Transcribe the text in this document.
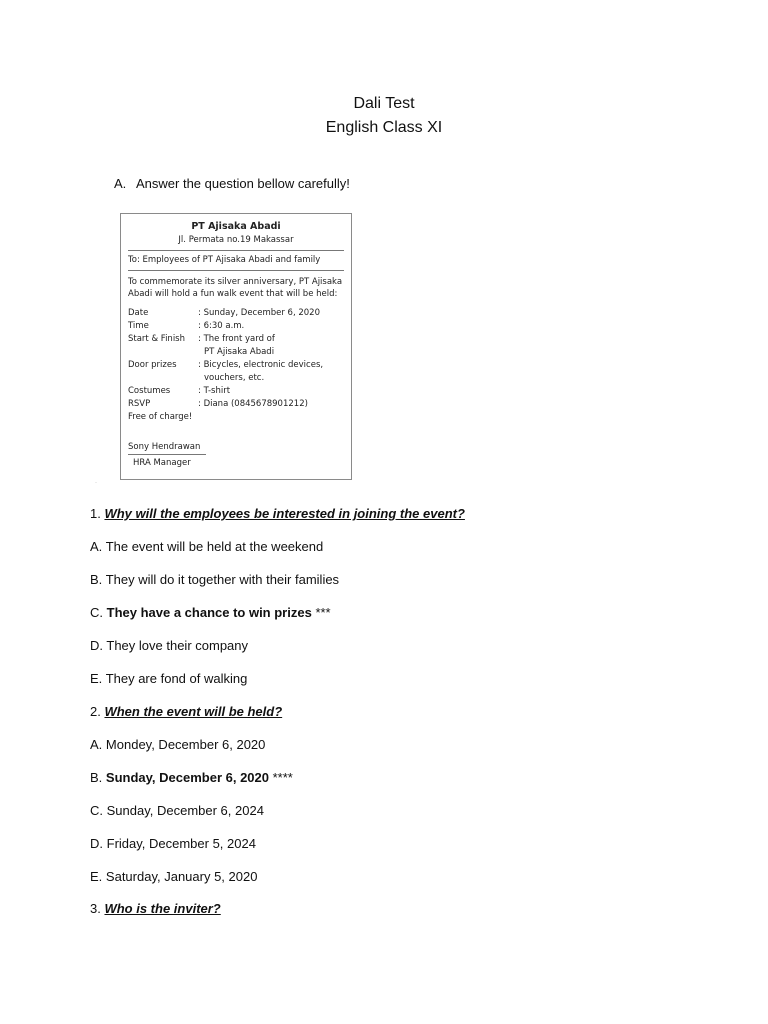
Dali Test
English Class XI
A. Answer the question bellow carefully!
PT Ajisaka Abadi
Jl. Permata no.19 Makassar
To: Employees of PT Ajisaka Abadi and family
To commemorate its silver anniversary, PT Ajisaka
Abadi will hold a fun walk event that will be held:
Date	: Sunday, December 6, 2020
Time	: 6:30 a.m.
Start & Finish	: The front yard of
	PT Ajisaka Abadi
Door prizes	: Bicycles, electronic devices,
	vouchers, etc.
Costumes	: T-shirt
RSVP	: Diana (0845678901212)
Free of charge!
Sony Hendrawan
HRA Manager
·
1. Why will the employees be interested in joining the event?
A. The event will be held at the weekend
B. They will do it together with their families
C. They have a chance to win prizes ***
D. They love their company
E. They are fond of walking
2. When the event will be held?
A. Mondey, December 6, 2020
B. Sunday, December 6, 2020 ****
C. Sunday, December 6, 2024
D. Friday, December 5, 2024
E. Saturday, January 5, 2020
3. Who is the inviter?
